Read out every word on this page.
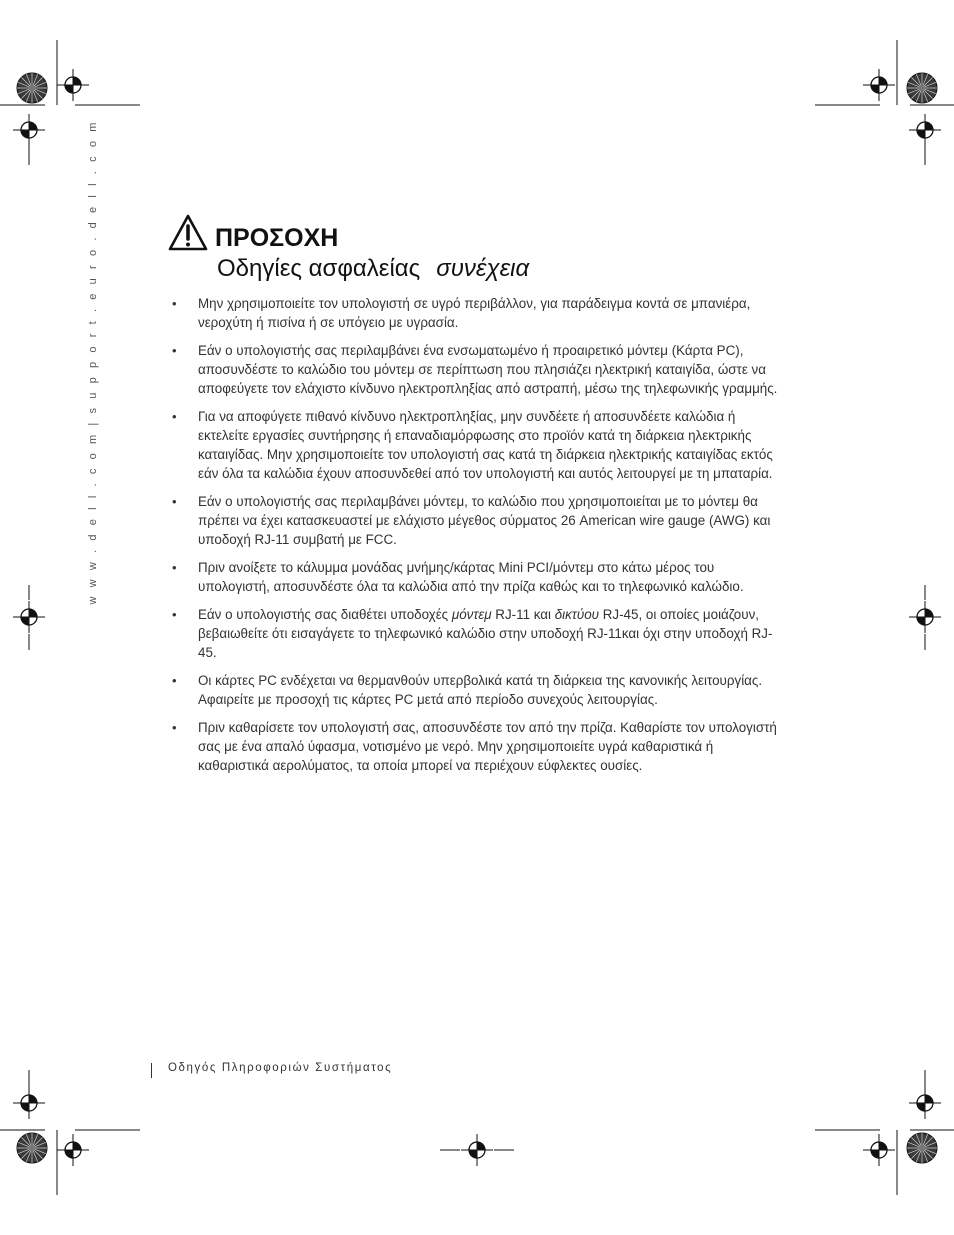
w w w . d e l l . c o m | s u p p o r t . e u r o . d e l l . c o m	ΠΡΟΣΟΧΗ
Οδηγίες ασφαλείας συνέχεια
• Μην χρησιμοποιείτε τον υπολογιστή σε υγρό περιβάλλον, για παράδειγμα κοντά σε μπανιέρα, νεροχύτη ή πισίνα ή σε υπόγειο με υγρασία.
• Εάν ο υπολογιστής σας περιλαμβάνει ένα ενσωματωμένο ή προαιρετικό μόντεμ (Κάρτα PC), αποσυνδέστε το καλώδιο του μόντεμ σε περίπτωση που πλησιάζει ηλεκτρική καταιγίδα, ώστε να αποφεύγετε τον ελάχιστο κίνδυνο ηλεκτροπληξίας από αστραπή, μέσω της τηλεφωνικής γραμμής.
• Για να αποφύγετε πιθανό κίνδυνο ηλεκτροπληξίας, μην συνδέετε ή αποσυνδέετε καλώδια ή εκτελείτε εργασίες συντήρησης ή επαναδιαμόρφωσης στο προϊόν κατά τη διάρκεια ηλεκτρικής καταιγίδας. Μην χρησιμοποιείτε τον υπολογιστή σας κατά τη διάρκεια ηλεκτρικής καταιγίδας εκτός εάν όλα τα καλώδια έχουν αποσυνδεθεί από τον υπολογιστή και αυτός λειτουργεί με τη μπαταρία.
• Εάν ο υπολογιστής σας περιλαμβάνει μόντεμ, το καλώδιο που χρησιμοποιείται με το μόντεμ θα πρέπει να έχει κατασκευαστεί με ελάχιστο μέγεθος σύρματος 26 American wire gauge (AWG) και υποδοχή RJ-11 συμβατή με FCC.
• Πριν ανοίξετε το κάλυμμα μονάδας μνήμης/κάρτας Mini PCI/μόντεμ στο κάτω μέρος του υπολογιστή, αποσυνδέστε όλα τα καλώδια από την πρίζα καθώς και το τηλεφωνικό καλώδιο.
• Εάν ο υπολογιστής σας διαθέτει υποδοχές μόντεμ RJ-11 και δικτύου RJ-45, οι οποίες μοιάζουν, βεβαιωθείτε ότι εισαγάγετε το τηλεφωνικό καλώδιο στην υποδοχή RJ-11και όχι στην υποδοχή RJ-45.
• Οι κάρτες PC ενδέχεται να θερμανθούν υπερβολικά κατά τη διάρκεια της κανονικής λειτουργίας. Αφαιρείτε με προσοχή τις κάρτες PC μετά από περίοδο συνεχούς λειτουργίας.
• Πριν καθαρίσετε τον υπολογιστή σας, αποσυνδέστε τον από την πρίζα. Καθαρίστε τον υπολογιστή σας με ένα απαλό ύφασμα, νοτισμένο με νερό. Μην χρησιμοποιείτε υγρά καθαριστικά ή καθαριστικά αερολύματος, τα οποία μπορεί να περιέχουν εύφλεκτες ουσίες.
Οδηγός Πληροφοριών Συστήματος
